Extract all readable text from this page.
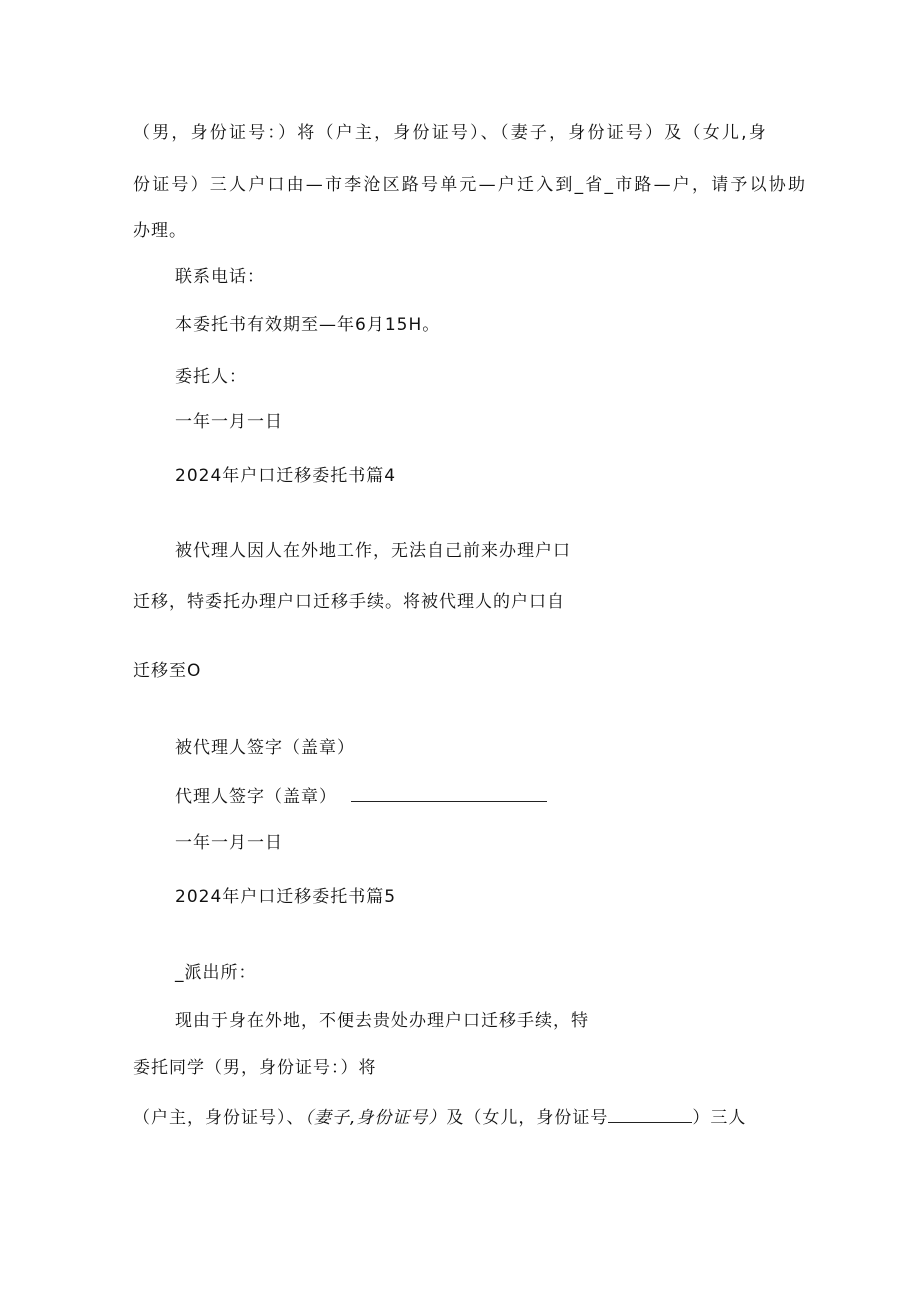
（男，身份证号：）将（户主，身份证号）、（妻子，身份证号）及（女儿,身
份证号）三人户口由—市李沧区路号单元—户迁入到_省_市路—户，请予以协助
办理。
联系电话：
本委托书有效期至—年6月15H。
委托人：
一年一月一日
2024年户口迁移委托书篇4
被代理人因人在外地工作，无法自己前来办理户口
迁移，特委托办理户口迁移手续。将被代理人的户口自
迁移至O
被代理人签字（盖章）
代理人签字（盖章）
一年一月一日
2024年户口迁移委托书篇5
_派出所：
现由于身在外地，不便去贵处办理户口迁移手续，特
委托同学（男，身份证号：）将
（户主，身份证号）、（妻子,身份证号）及（女儿，身份证号	）三人
